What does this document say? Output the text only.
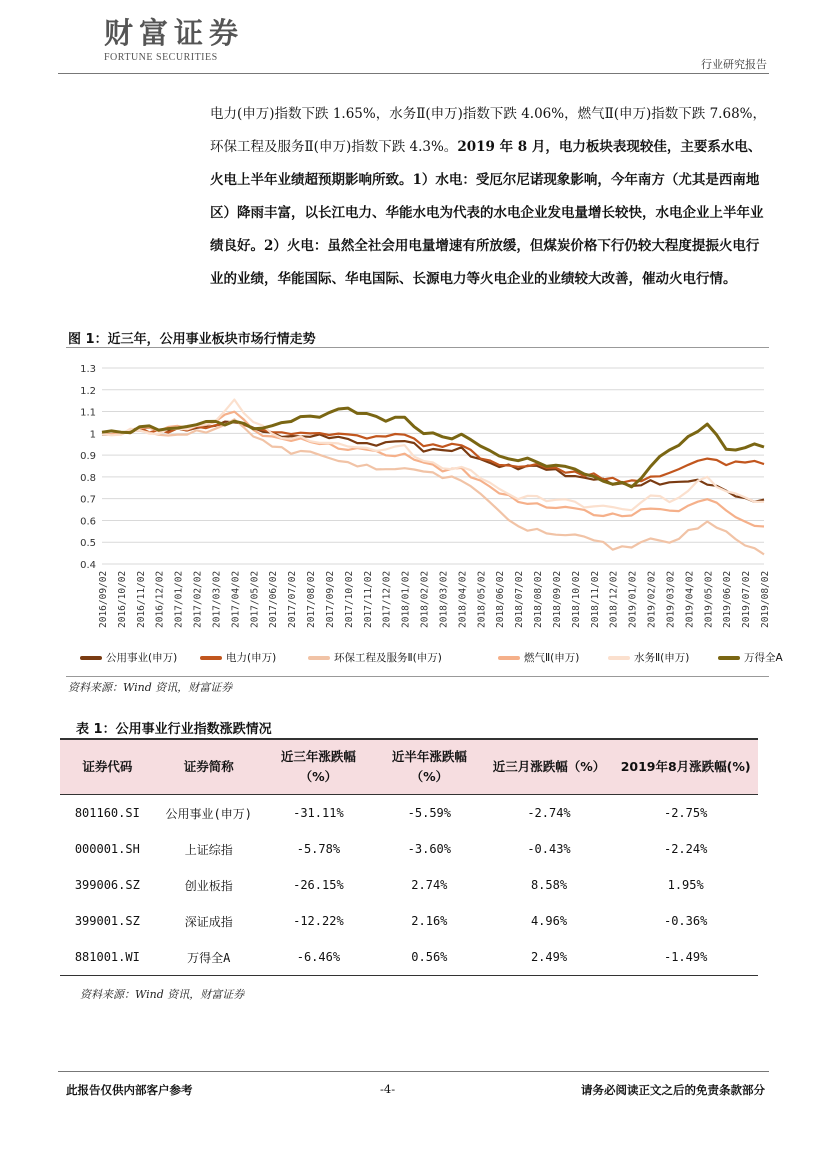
财富证券
FORTUNE SECURITIES
行业研究报告
电力(申万)指数下跌 1.65%，水务Ⅱ(申万)指数下跌 4.06%，燃气Ⅱ(申万)指数下跌 7.68%，环保工程及服务Ⅱ(申万)指数下跌 4.3%。2019 年 8 月，电力板块表现较佳，主要系水电、火电上半年业绩超预期影响所致。1）水电：受厄尔尼诺现象影响，今年南方（尤其是西南地区）降雨丰富，以长江电力、华能水电为代表的水电企业发电量增长较快，水电企业上半年业绩良好。2）火电：虽然全社会用电量增速有所放缓，但煤炭价格下行仍较大程度提振火电行业的业绩，华能国际、华电国际、长源电力等火电企业的业绩较大改善，催动火电行情。
图 1：近三年，公用事业板块市场行情走势
1.3
1.2
1.1
1
0.9
0.8
0.7
0.6
0.5
0.4
2016/09/02 2016/10/02 2016/11/02 2016/12/02 2017/01/02 2017/02/02 2017/03/02 2017/04/02 2017/05/02 2017/06/02 2017/07/02 2017/08/02 2017/09/02 2017/10/02 2017/11/02 2017/12/02 2018/01/02 2018/02/02 2018/03/02 2018/04/02 2018/05/02 2018/06/02 2018/07/02 2018/08/02 2018/09/02 2018/10/02 2018/11/02 2018/12/02 2019/01/02 2019/02/02 2019/03/02 2019/04/02 2019/05/02 2019/06/02 2019/07/02 2019/08/02
公用事业(申万)	电力(申万)	环保工程及服务Ⅱ(申万)	燃气Ⅱ(申万)	水务Ⅱ(申万)	万得全A
资料来源：Wind 资讯，财富证券
表 1：公用事业行业指数涨跌情况
证券代码	证券简称	近三年涨跌幅（%）	近半年涨跌幅（%）	近三月涨跌幅（%）	2019年8月涨跌幅(%)
801160.SI	公用事业(申万)	-31.11%	-5.59%	-2.74%	-2.75%
000001.SH	上证综指	-5.78%	-3.60%	-0.43%	-2.24%
399006.SZ	创业板指	-26.15%	2.74%	8.58%	1.95%
399001.SZ	深证成指	-12.22%	2.16%	4.96%	-0.36%
881001.WI	万得全A	-6.46%	0.56%	2.49%	-1.49%
资料来源：Wind 资讯，财富证券
此报告仅供内部客户参考	-4-	请务必阅读正文之后的免责条款部分
